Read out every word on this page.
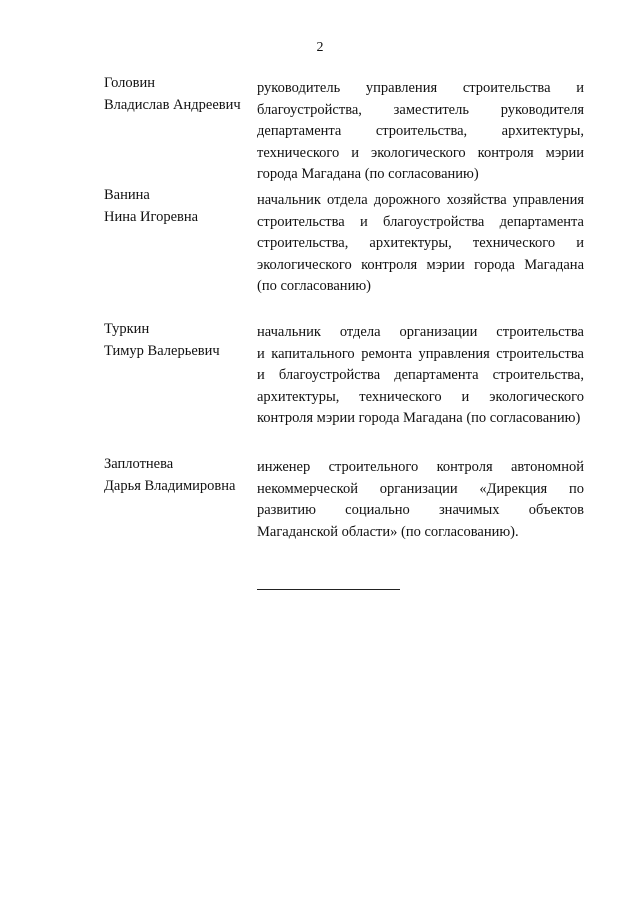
2
Головин
Владислав Андреевич
руководитель управления строительства и
благоустройства, заместитель руководителя
департамента строительства, архитектуры,
технического и экологического контроля мэрии
города Магадана (по согласованию)
Ванина
Нина Игоревна
начальник отдела дорожного хозяйства управления
строительства и благоустройства департамента
строительства, архитектуры, технического и
экологического контроля мэрии города Магадана
(по согласованию)
Туркин
Тимур Валерьевич
начальник отдела организации строительства
и капитального ремонта управления строительства
и благоустройства департамента строительства,
архитектуры, технического и экологического
контроля мэрии города Магадана (по согласованию)
Заплотнева
Дарья Владимировна
инженер строительного контроля автономной
некоммерческой организации «Дирекция по
развитию социально значимых объектов
Магаданской области» (по согласованию).
